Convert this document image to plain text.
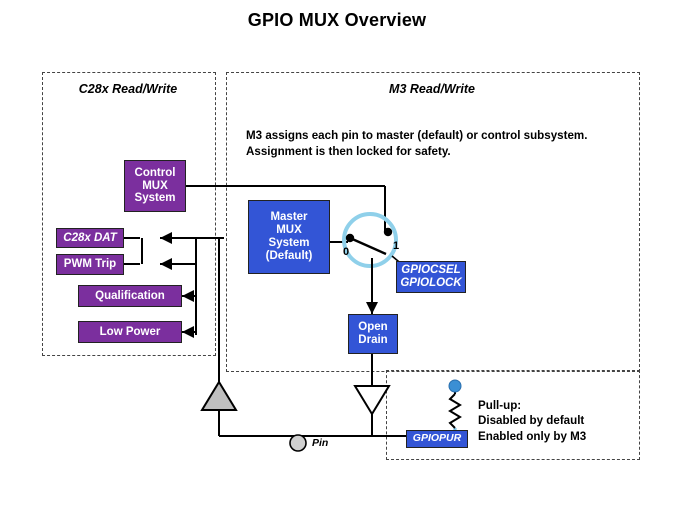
GPIO MUX Overview
C28x Read/Write	M3 Read/Write
M3 assigns each pin to master (default) or control subsystem. Assignment is then locked for safety.
Control
MUX
System
C28x DAT
PWM Trip
Qualification
Low Power
Master
MUX
System
(Default)
GPIOCSEL
GPIOLOCK
Open
Drain
GPIOPUR
0	1
Pin
Pull-up:
Disabled by default
Enabled only by M3
